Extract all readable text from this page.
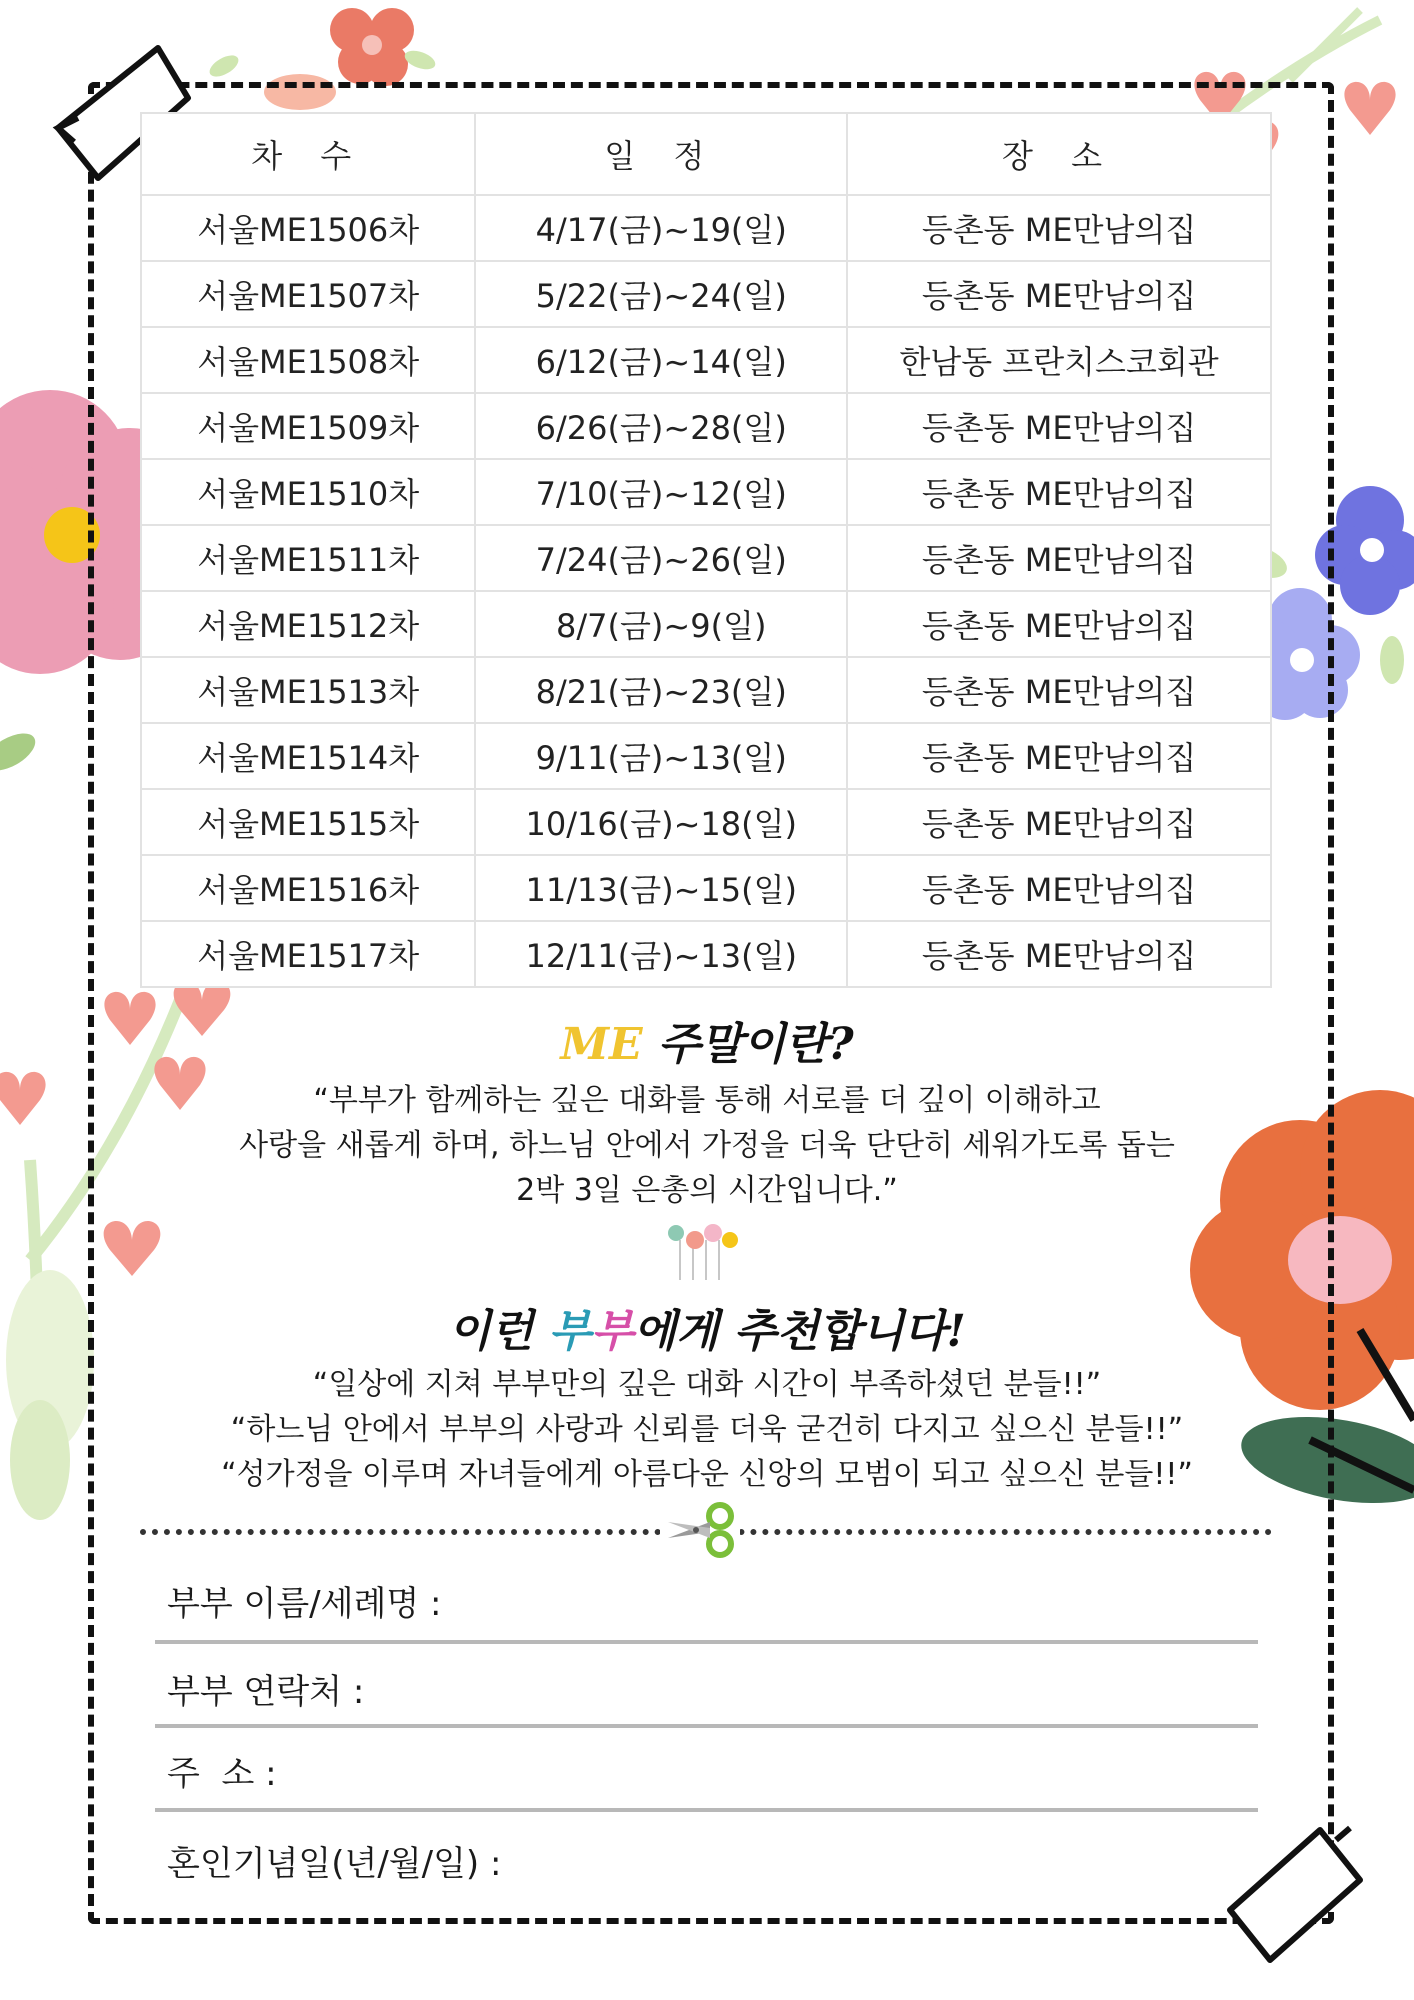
차 수	일 정	장 소
서울ME1506차	4/17(금)~19(일)	등촌동 ME만남의집
서울ME1507차	5/22(금)~24(일)	등촌동 ME만남의집
서울ME1508차	6/12(금)~14(일)	한남동 프란치스코회관
서울ME1509차	6/26(금)~28(일)	등촌동 ME만남의집
서울ME1510차	7/10(금)~12(일)	등촌동 ME만남의집
서울ME1511차	7/24(금)~26(일)	등촌동 ME만남의집
서울ME1512차	8/7(금)~9(일)	등촌동 ME만남의집
서울ME1513차	8/21(금)~23(일)	등촌동 ME만남의집
서울ME1514차	9/11(금)~13(일)	등촌동 ME만남의집
서울ME1515차	10/16(금)~18(일)	등촌동 ME만남의집
서울ME1516차	11/13(금)~15(일)	등촌동 ME만남의집
서울ME1517차	12/11(금)~13(일)	등촌동 ME만남의집
ME 주말이란?
“부부가 함께하는 깊은 대화를 통해 서로를 더 깊이 이해하고
사랑을 새롭게 하며, 하느님 안에서 가정을 더욱 단단히 세워가도록 돕는
2박 3일 은총의 시간입니다.”
이런 부부에게 추천합니다!
“일상에 지쳐 부부만의 깊은 대화 시간이 부족하셨던 분들!!”
“하느님 안에서 부부의 사랑과 신뢰를 더욱 굳건히 다지고 싶으신 분들!!”
“성가정을 이루며 자녀들에게 아름다운 신앙의 모범이 되고 싶으신 분들!!”
부부 이름/세례명 :
부부 연락처 :
주  소 :
혼인기념일(년/월/일) :
